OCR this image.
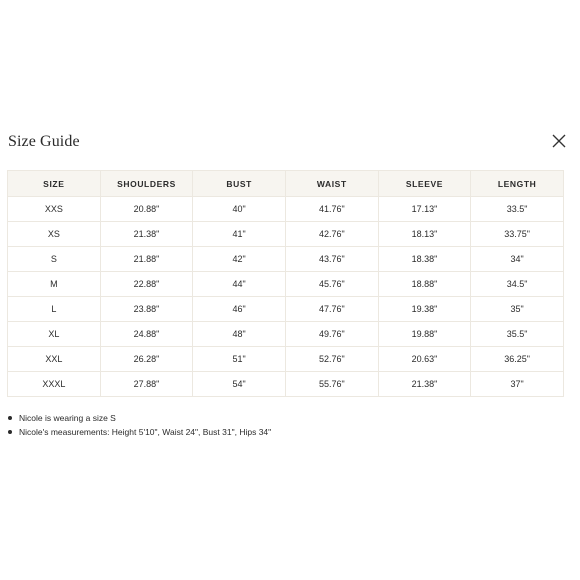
Size Guide
SIZE	SHOULDERS	BUST	WAIST	SLEEVE	LENGTH
XXS	20.88"	40"	41.76"	17.13"	33.5"
XS	21.38"	41"	42.76"	18.13"	33.75"
S	21.88"	42"	43.76"	18.38"	34"
M	22.88"	44"	45.76"	18.88"	34.5"
L	23.88"	46"	47.76"	19.38"	35"
XL	24.88"	48"	49.76"	19.88"	35.5"
XXL	26.28"	51"	52.76"	20.63"	36.25"
XXXL	27.88"	54"	55.76"	21.38"	37"
Nicole is wearing a size S
Nicole's measurements: Height 5'10", Waist 24", Bust 31", Hips 34"
